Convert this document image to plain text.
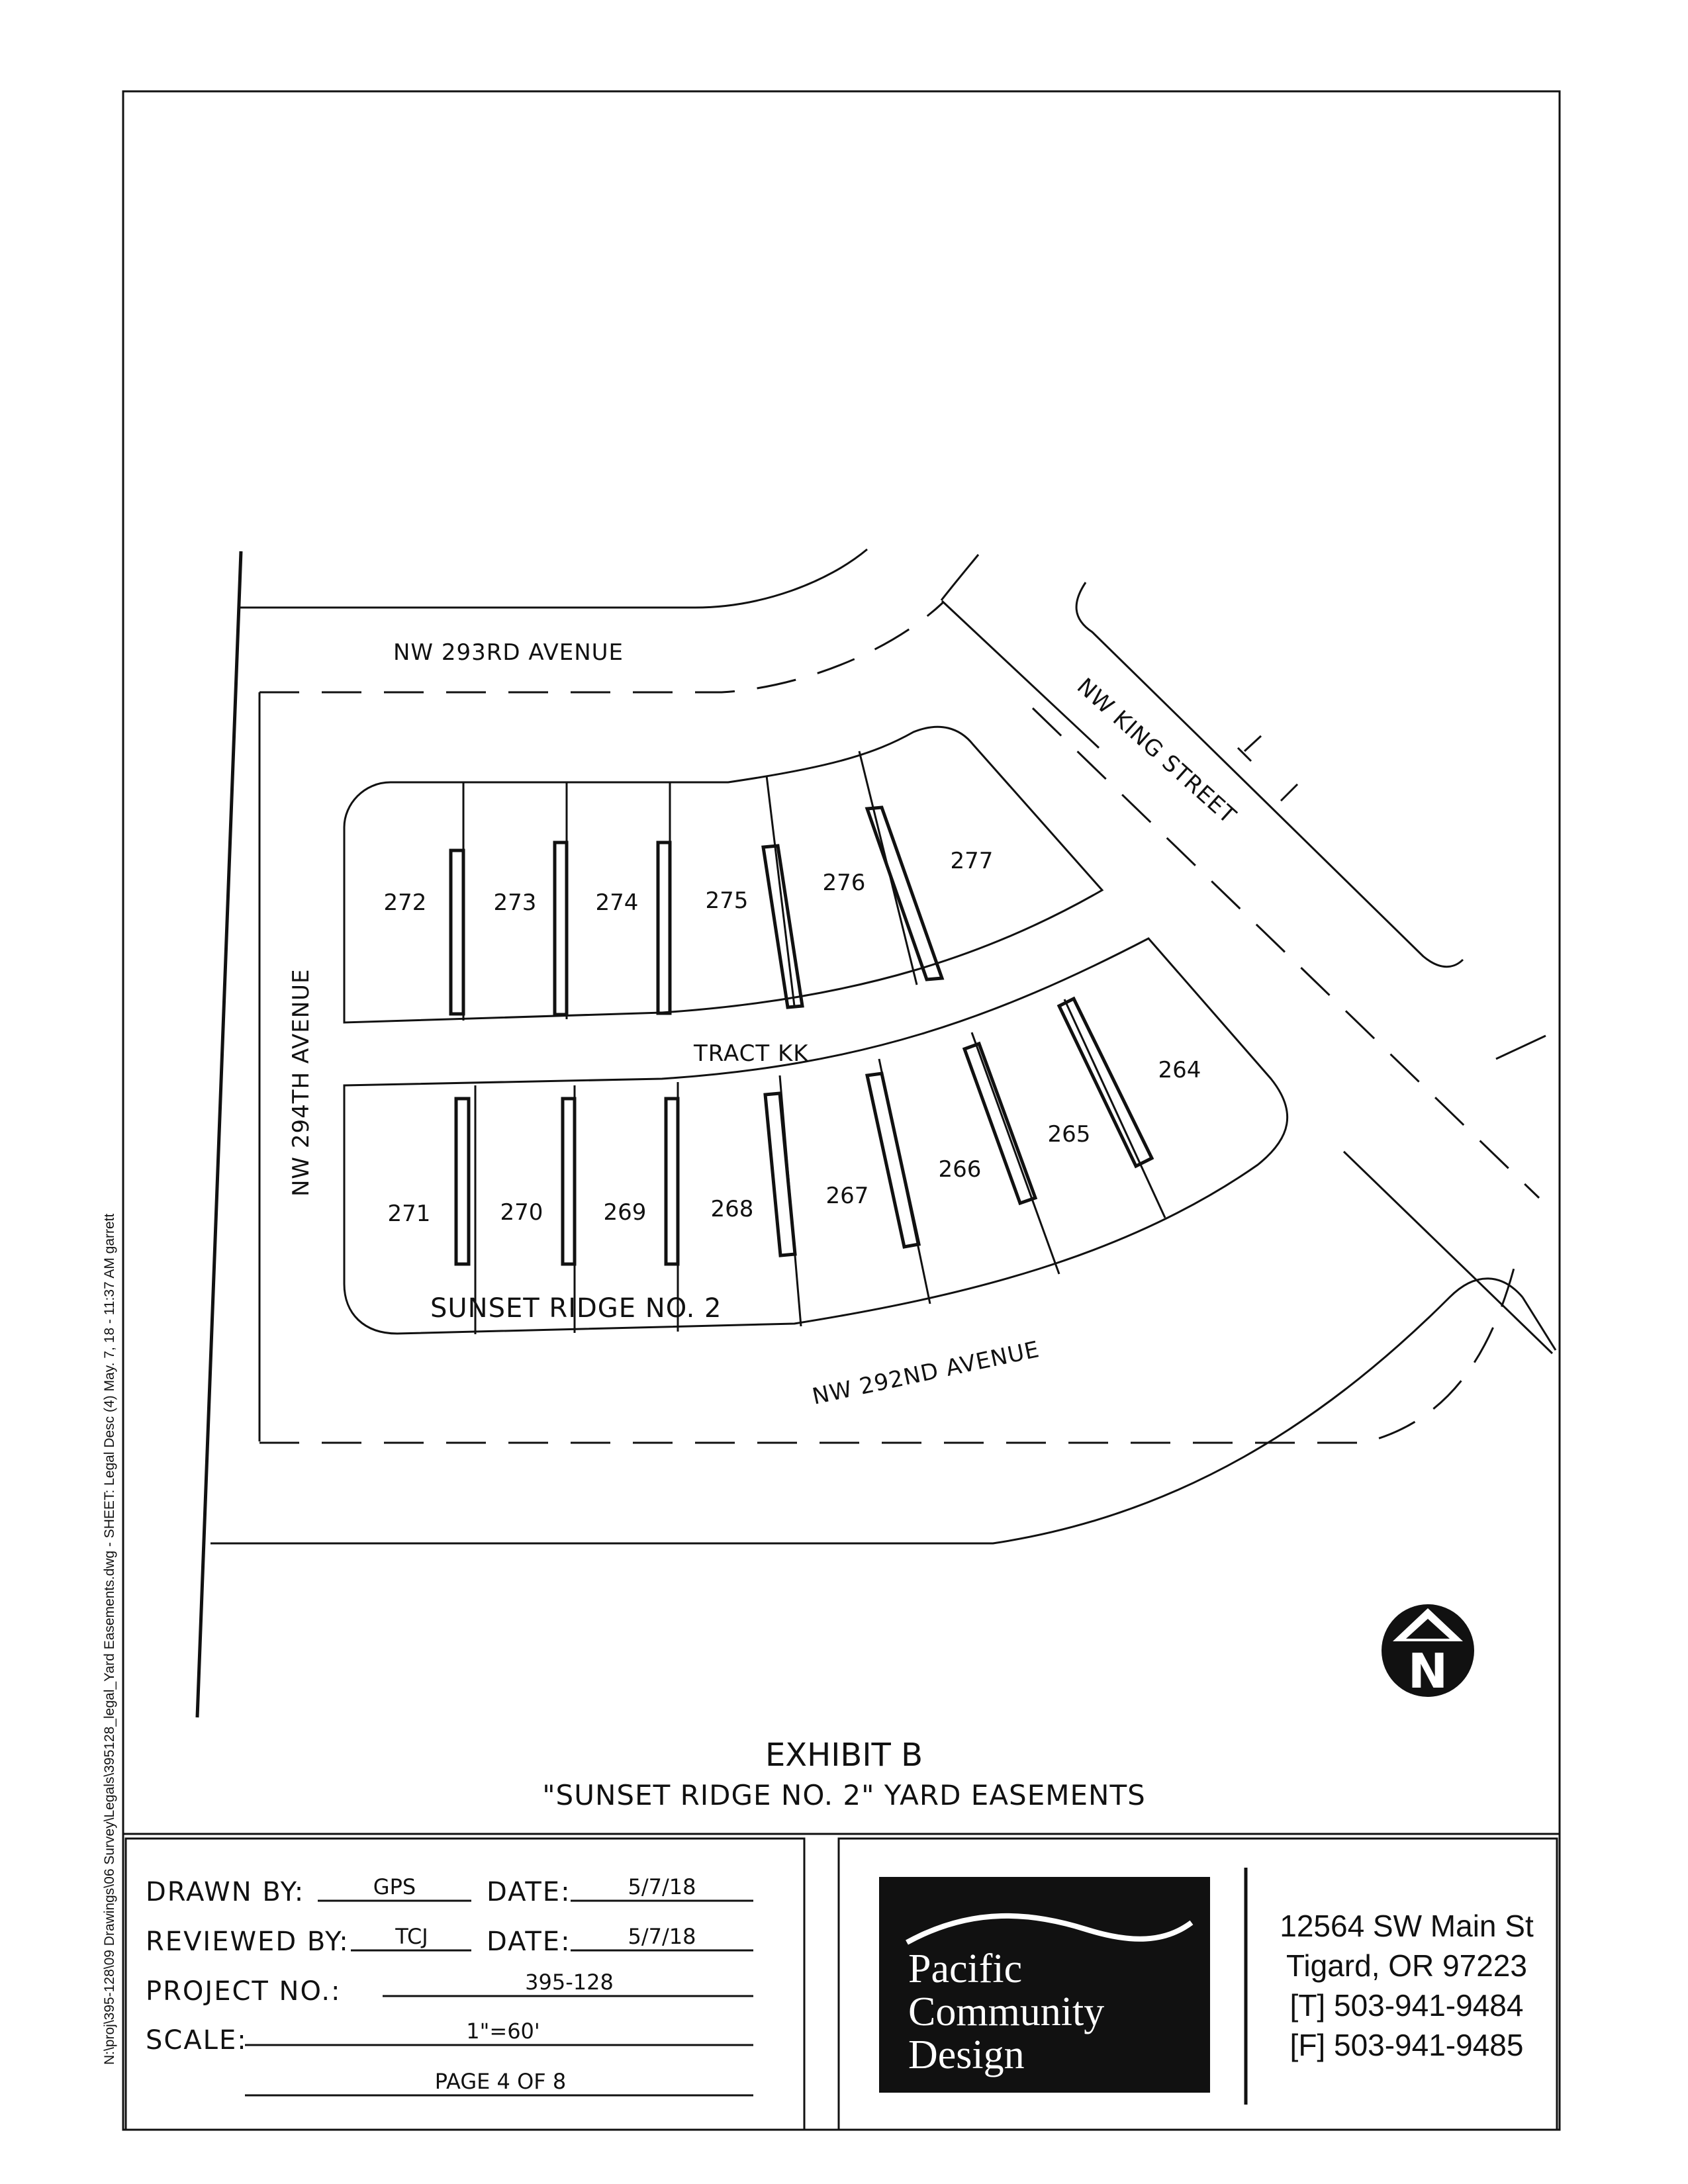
N:\proj\395-128\09 Drawings\06 Survey\Legals\395128_legal_Yard Easements.dwg - SHEET: Legal Desc (4) May. 7, 18 - 11:37 AM garrett
NW 293RD AVENUE
NW 294TH AVENUE
NW KING STREET
NW 292ND AVENUE
TRACT KK
SUNSET RIDGE NO. 2
272	273	274	275
276
277
271	270	269	268	267
266
265
264
N
EXHIBIT B
"SUNSET RIDGE NO. 2" YARD EASEMENTS
DRAWN BY:	GPS	DATE:	5/7/18
REVIEWED BY: TCJ DATE:	5/7/18
PROJECT NO.:	395-128
SCALE:	1"=60'
PAGE 4 OF 8
Pacific
Community
Design
12564 SW Main St
Tigard, OR 97223
[T] 503-941-9484
[F] 503-941-9485
